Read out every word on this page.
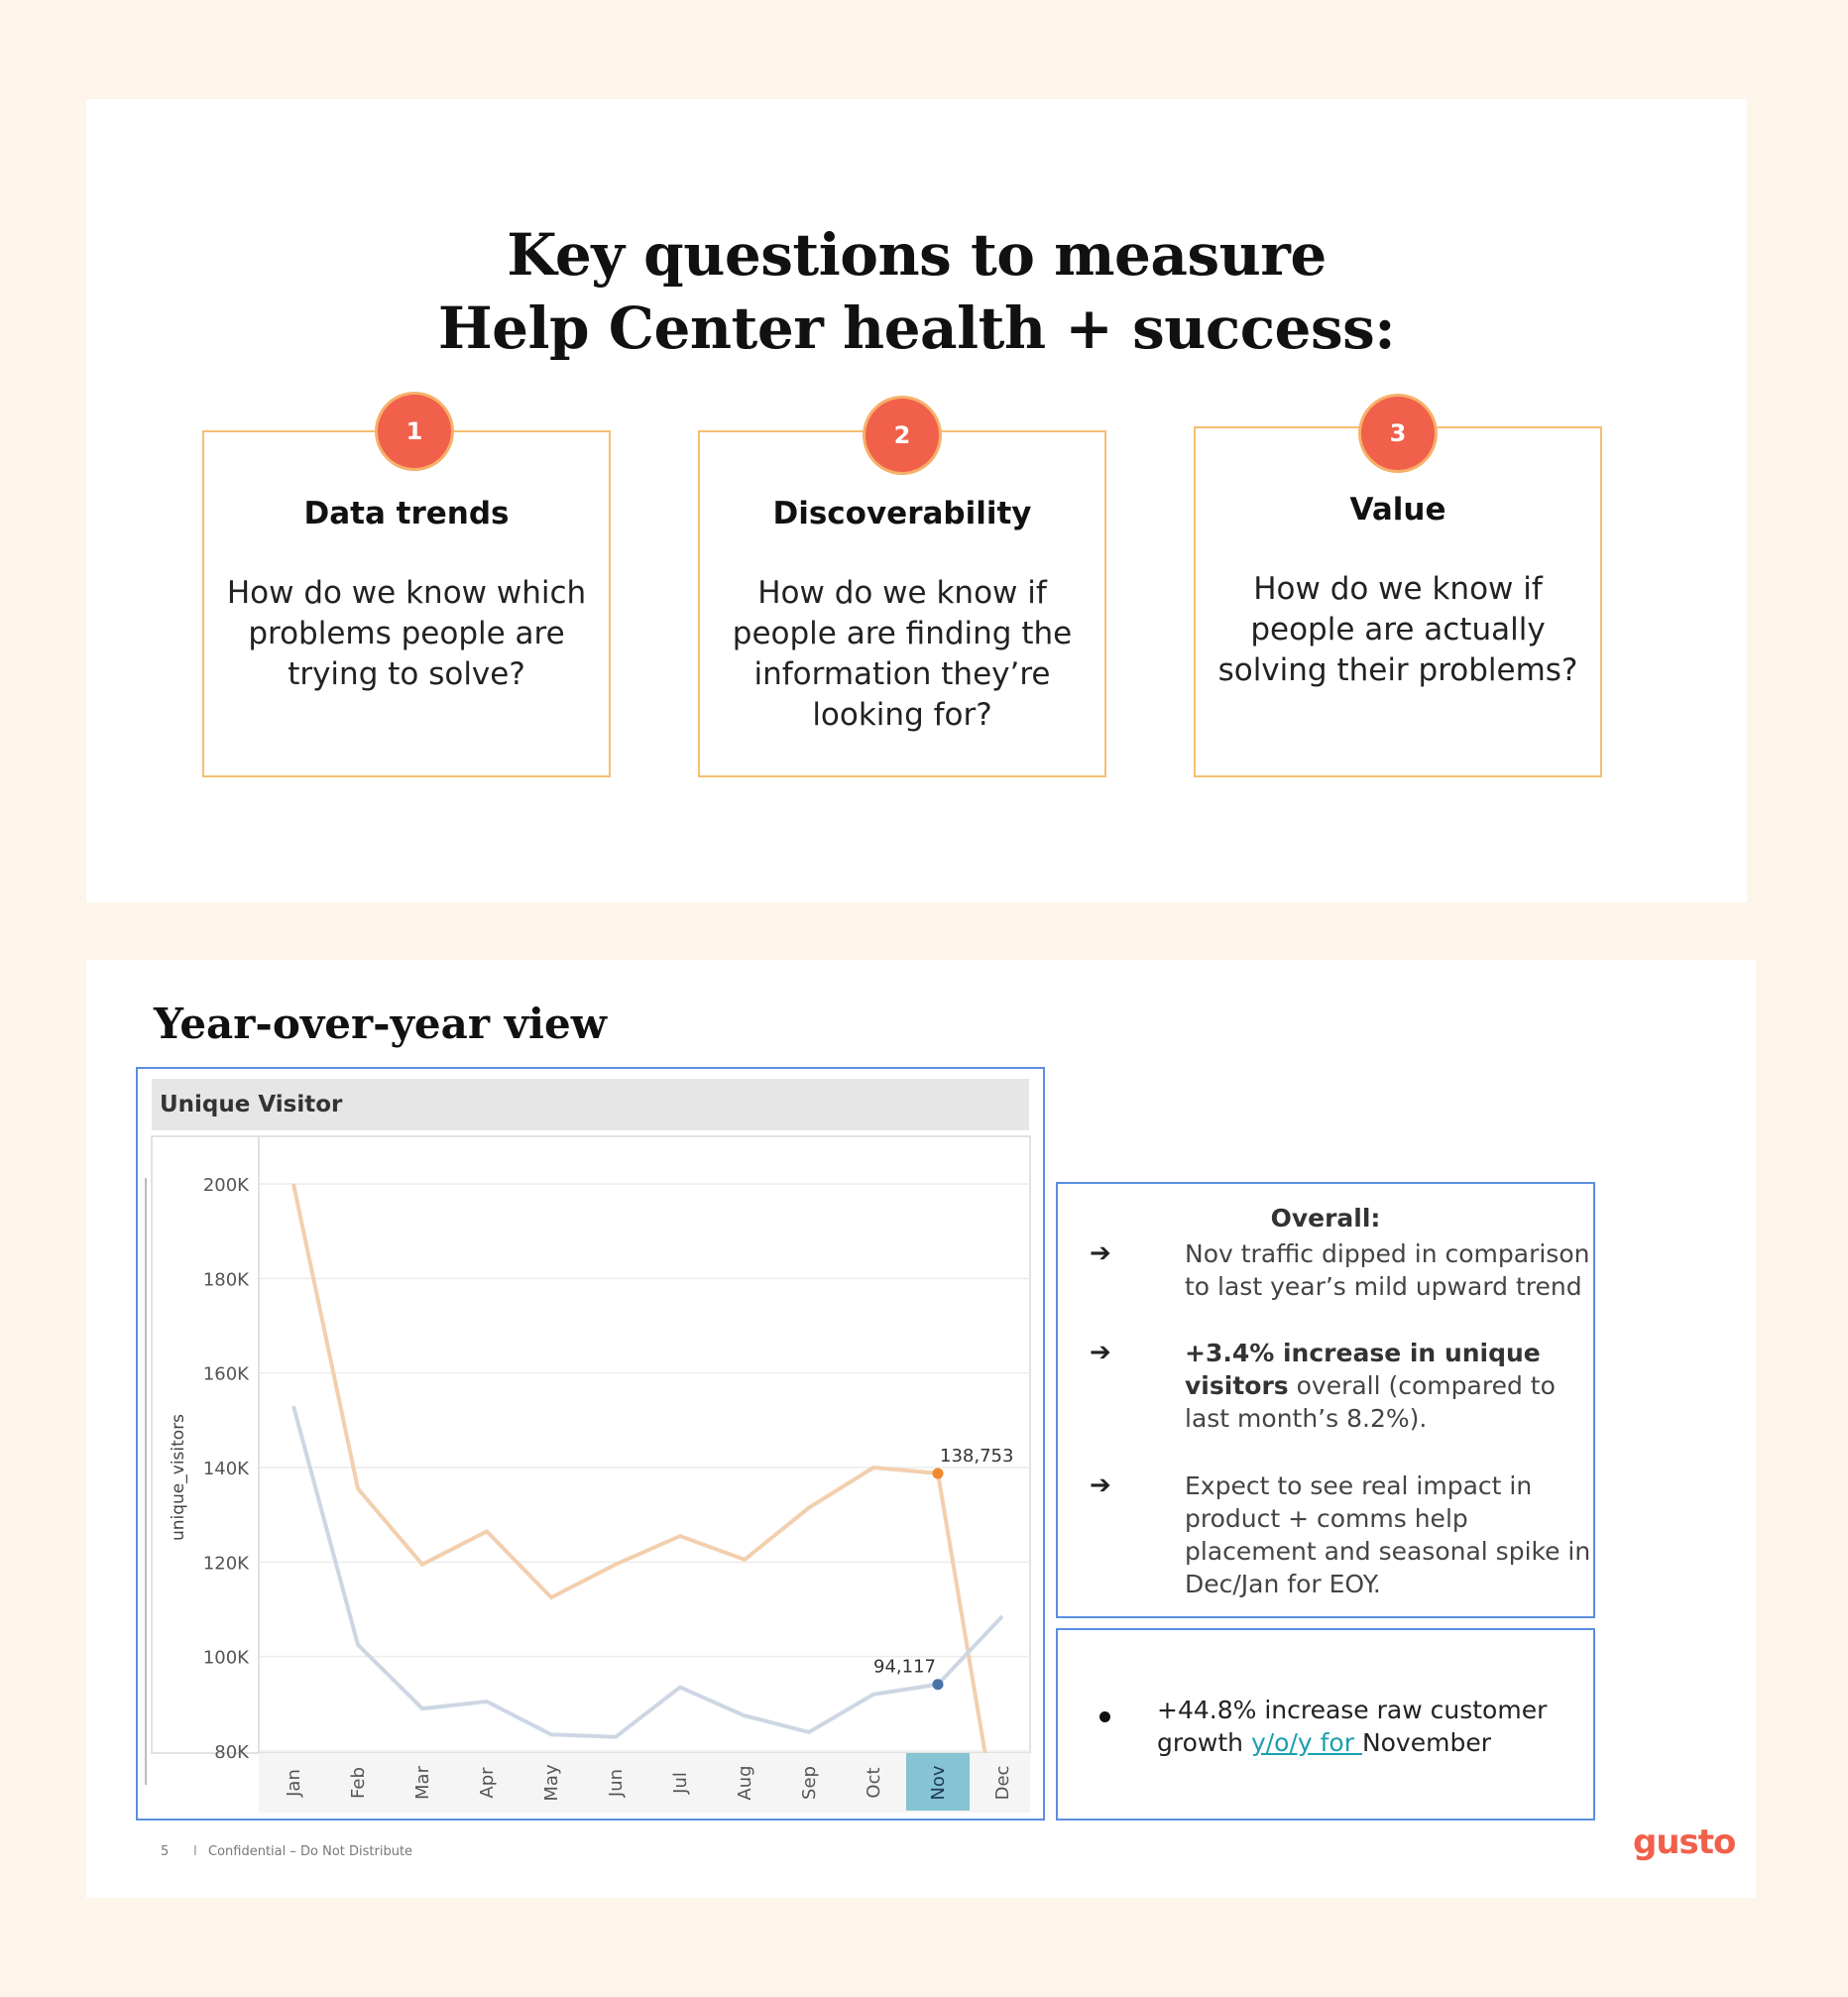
Key questions to measure
Help Center health + success:

Data trends

How do we know which problems people are trying to solve?

1

Discoverability

How do we know if people are finding the information they’re looking for?

2

Value

How do we know if people are actually solving their problems?

3
Year-over-year view
Unique Visitor
80K
100K
120K
140K
160K
180K
200K
unique_visitors
Jan Feb Mar Apr May Jun Jul Aug Sep Oct Nov Dec
138,753
94,117
Overall:
➔	Nov traffic dipped in comparison to last year’s mild upward trend
➔	+3.4% increase in unique visitors overall (compared to last month’s 8.2%).
➔	Expect to see real impact in product + comms help placement and seasonal spike in Dec/Jan for EOY.
+44.8% increase raw customer growth y/o/y for November
5 I Confidential – Do Not Distribute	gusto
